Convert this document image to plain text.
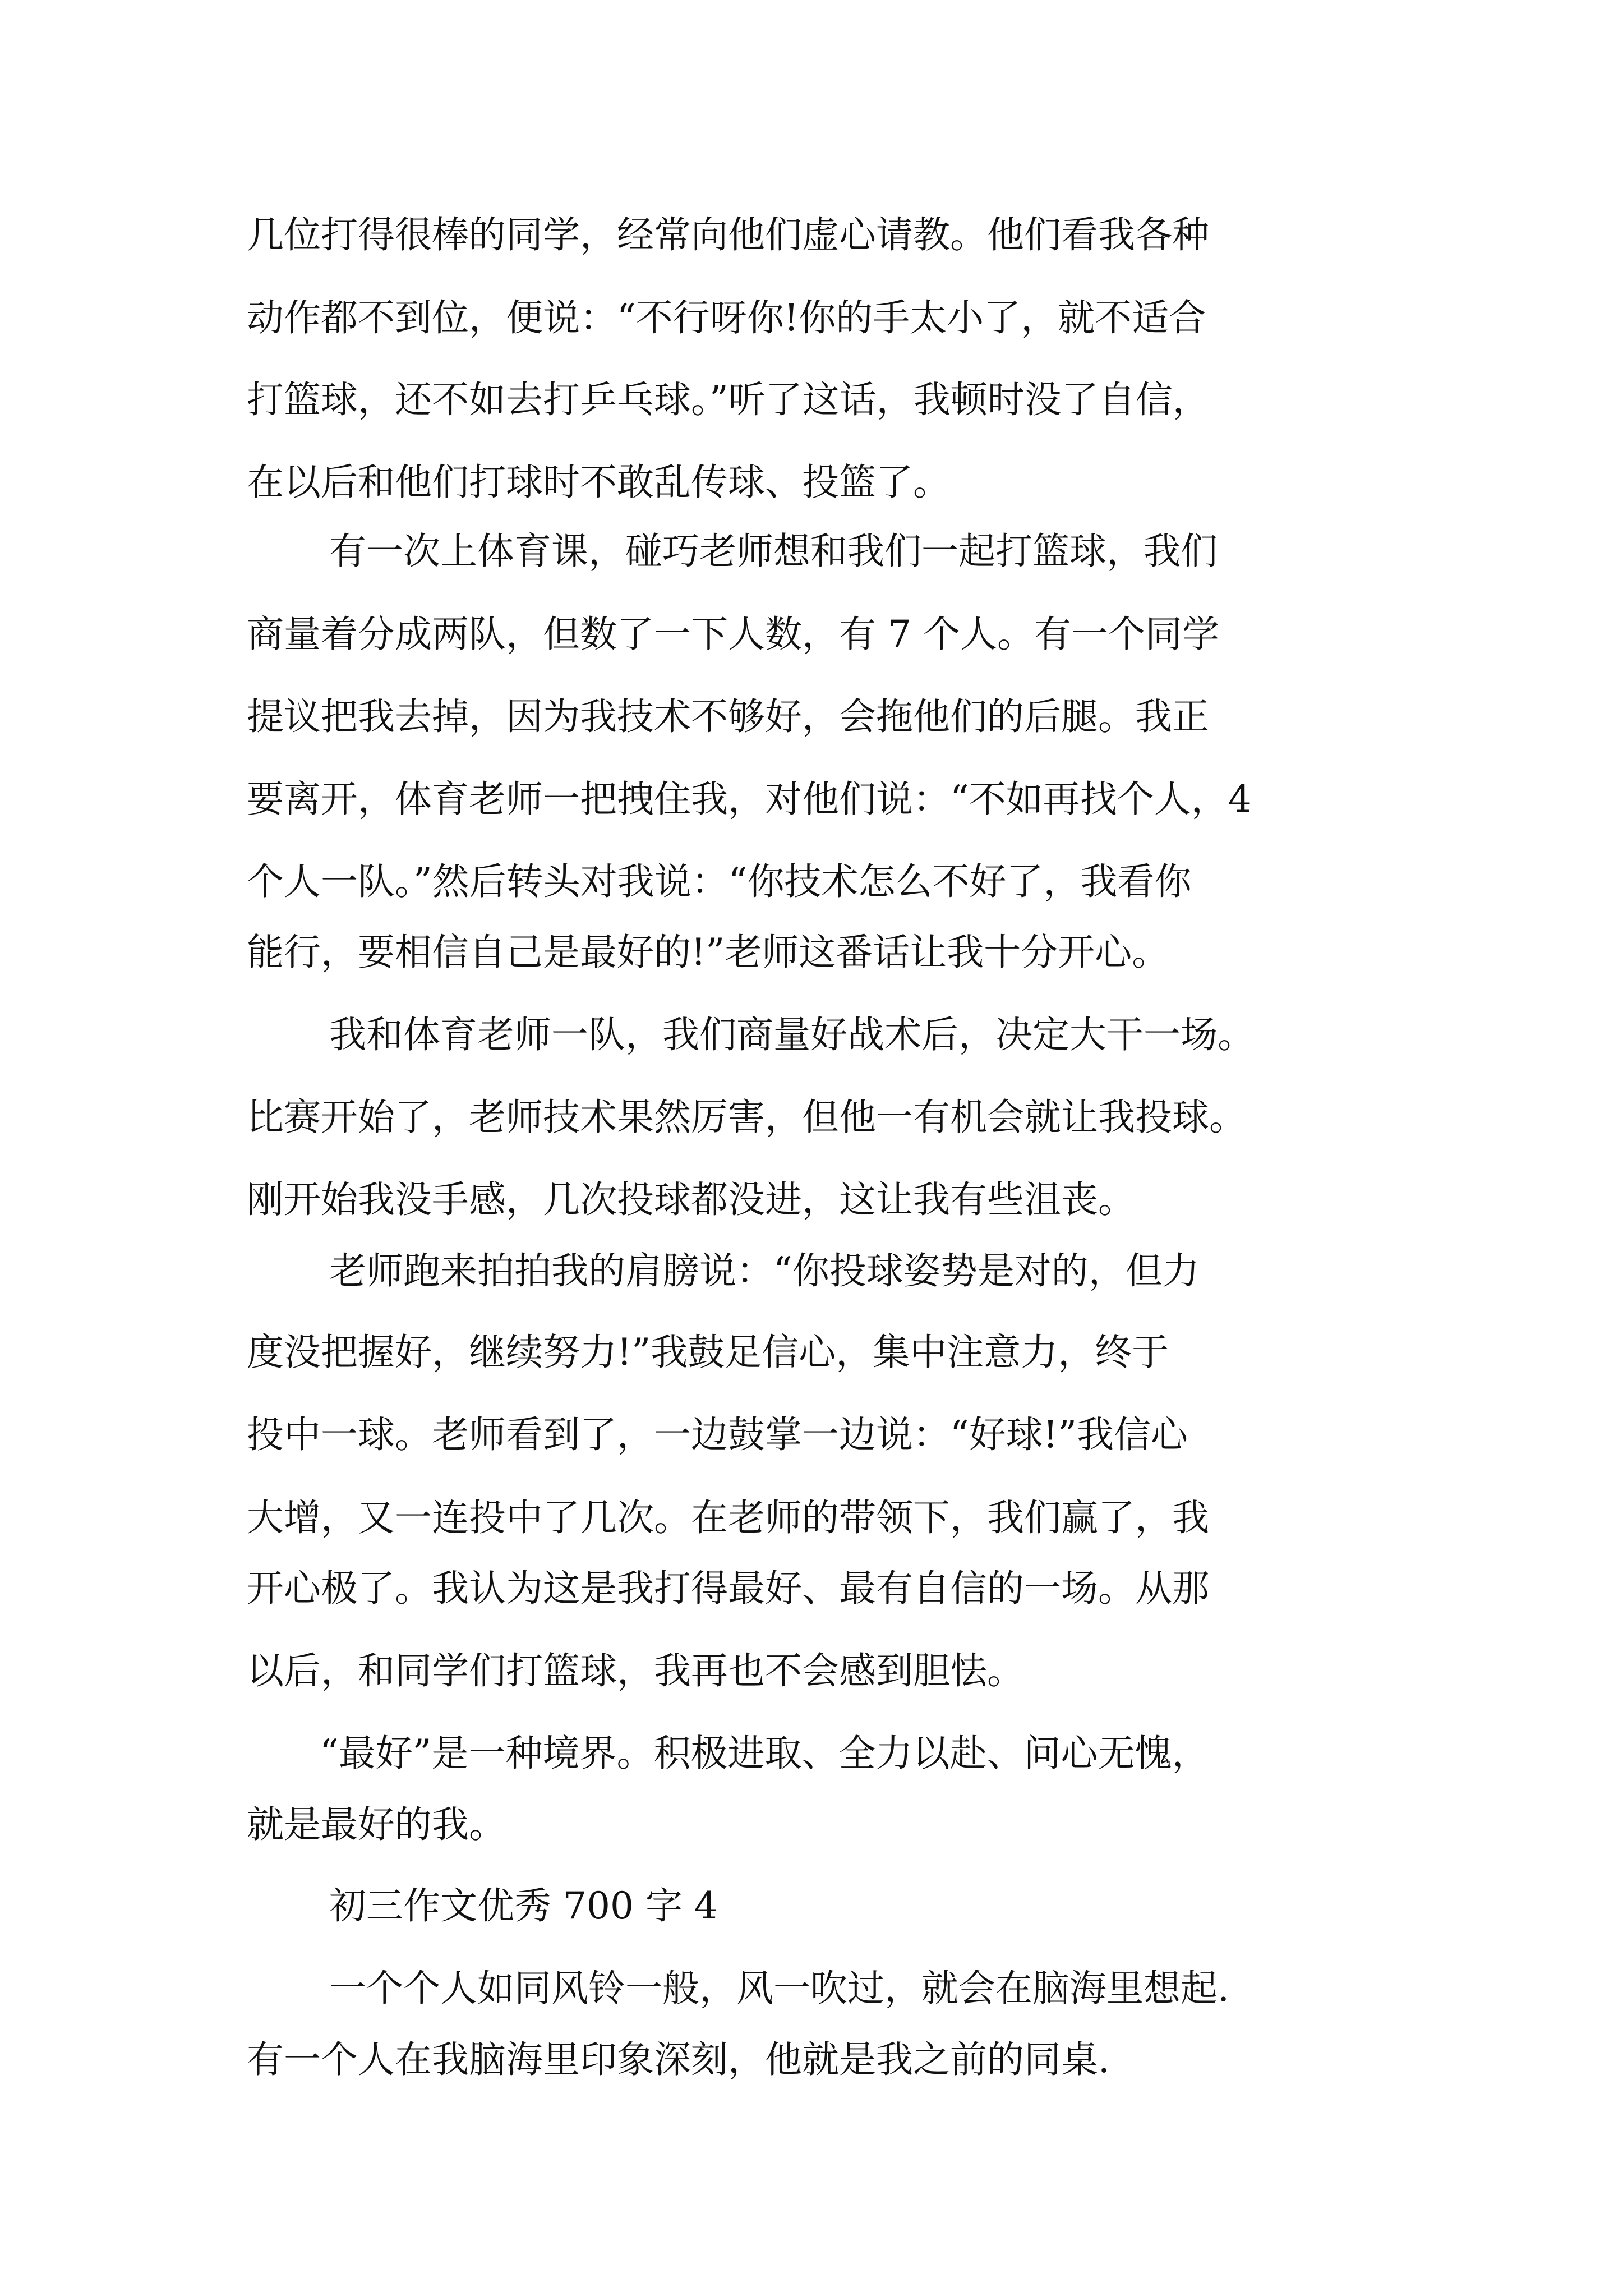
几位打得很棒的同学，经常向他们虚心请教。他们看我各种

动作都不到位，便说：“不行呀你!你的手太小了，就不适合

打篮球，还不如去打乒乓球。”听了这话，我顿时没了自信，

在以后和他们打球时不敢乱传球、投篮了。

有一次上体育课，碰巧老师想和我们一起打篮球，我们

商量着分成两队，但数了一下人数，有 7 个人。有一个同学

提议把我去掉，因为我技术不够好，会拖他们的后腿。我正

要离开，体育老师一把拽住我，对他们说：“不如再找个人，4

个人一队。”然后转头对我说：“你技术怎么不好了，我看你

能行，要相信自己是最好的!”老师这番话让我十分开心。

我和体育老师一队，我们商量好战术后，决定大干一场。

比赛开始了，老师技术果然厉害，但他一有机会就让我投球。

刚开始我没手感，几次投球都没进，这让我有些沮丧。

老师跑来拍拍我的肩膀说：“你投球姿势是对的，但力

度没把握好，继续努力!”我鼓足信心，集中注意力，终于

投中一球。老师看到了，一边鼓掌一边说：“好球!”我信心

大增，又一连投中了几次。在老师的带领下，我们赢了，我

开心极了。我认为这是我打得最好、最有自信的一场。从那

以后，和同学们打篮球，我再也不会感到胆怯。

“最好”是一种境界。积极进取、全力以赴、问心无愧，

就是最好的我。

初三作文优秀 700 字 4

一个个人如同风铃一般，风一吹过，就会在脑海里想起.

有一个人在我脑海里印象深刻，他就是我之前的同桌.
